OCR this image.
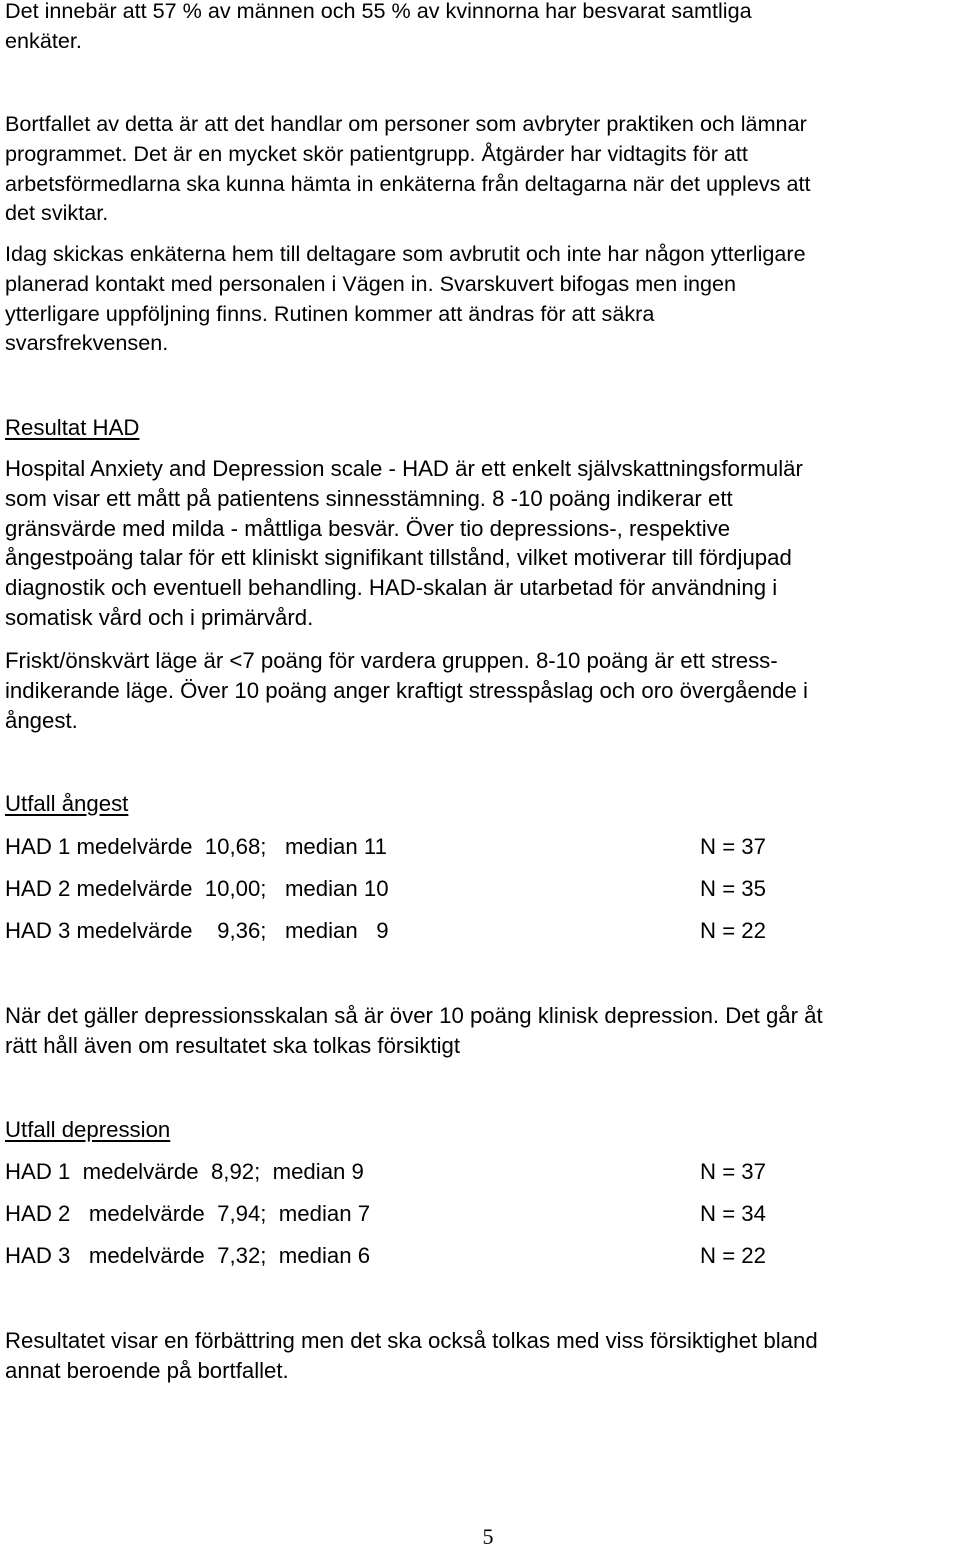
Det innebär att 57 % av männen och 55 % av kvinnorna har besvarat samtliga
enkäter.

Bortfallet av detta är att det handlar om personer som avbryter praktiken och lämnar
programmet. Det är en mycket skör patientgrupp. Åtgärder har vidtagits för att
arbetsförmedlarna ska kunna hämta in enkäterna från deltagarna när det upplevs att
det sviktar.

Idag skickas enkäterna hem till deltagare som avbrutit och inte har någon ytterligare
planerad kontakt med personalen i Vägen in. Svarskuvert bifogas men ingen
ytterligare uppföljning finns. Rutinen kommer att ändras för att säkra
svarsfrekvensen.

Resultat HAD

Hospital Anxiety and Depression scale - HAD är ett enkelt självskattningsformulär
som visar ett mått på patientens sinnesstämning. 8 -10 poäng indikerar ett
gränsvärde med milda - måttliga besvär. Över tio depressions-, respektive
ångestpoäng talar för ett kliniskt signifikant tillstånd, vilket motiverar till fördjupad
diagnostik och eventuell behandling. HAD-skalan är utarbetad för användning i
somatisk vård och i primärvård.

Friskt/önskvärt läge är <7 poäng för vardera gruppen. 8-10 poäng är ett stress-
indikerande läge. Över 10 poäng anger kraftigt stresspåslag och oro övergående i
ångest.

Utfall ångest

HAD 1 medelvärde  10,68;   median 11

	N = 37

HAD 2 medelvärde  10,00;   median 10

	N = 35

HAD 3 medelvärde    9,36;   median   9

	N = 22

När det gäller depressionsskalan så är över 10 poäng klinisk depression. Det går åt
rätt håll även om resultatet ska tolkas försiktigt

Utfall depression

HAD 1  medelvärde  8,92;  median 9

	N = 37

HAD 2   medelvärde  7,94;  median 7

	N = 34

HAD 3   medelvärde  7,32;  median 6

	N = 22

Resultatet visar en förbättring men det ska också tolkas med viss försiktighet bland
annat beroende på bortfallet.

5
